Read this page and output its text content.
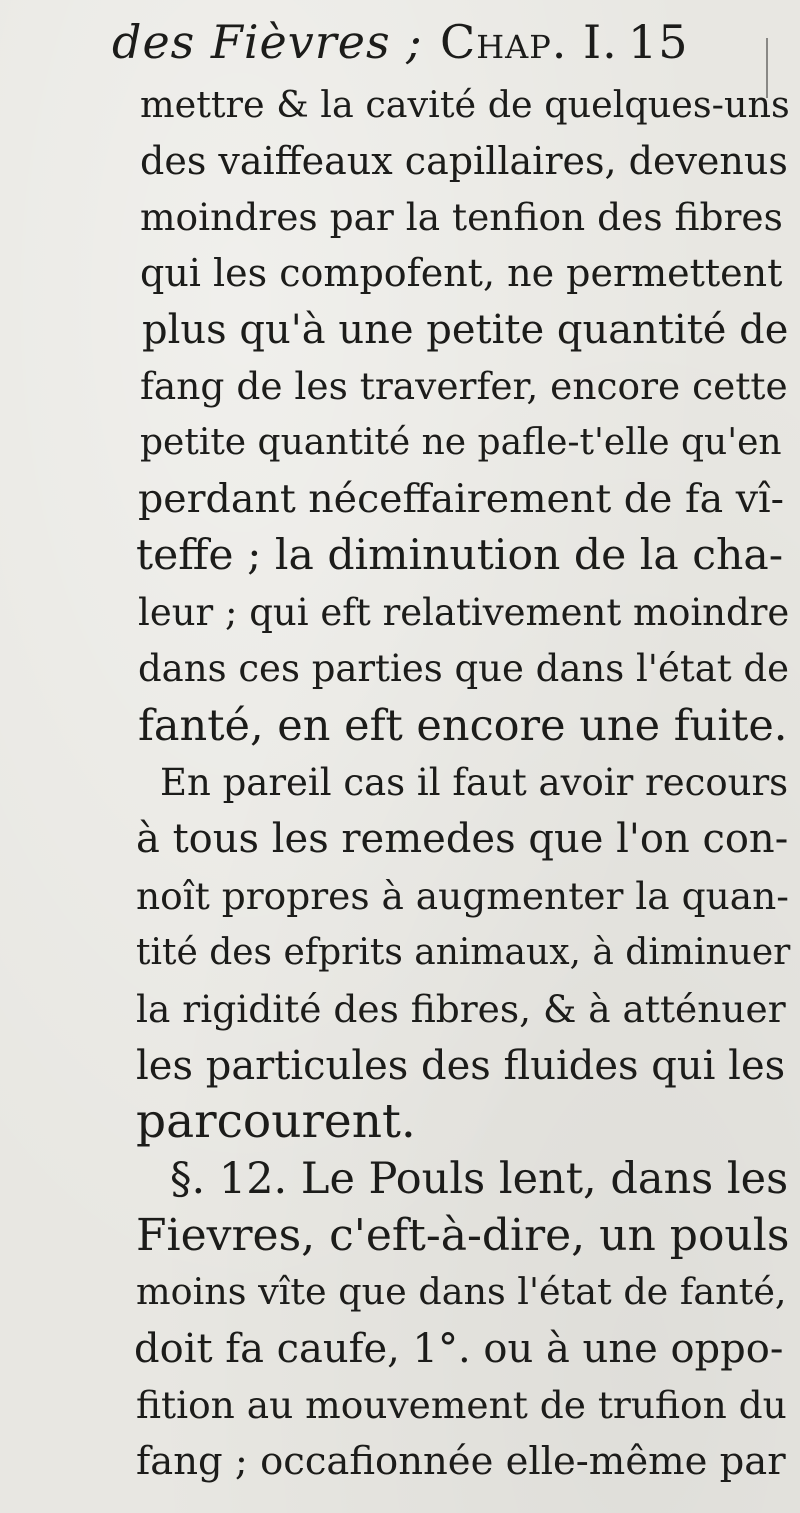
des Fièvres ; Chap. I. 15
mettre & la cavité de quelques-uns
des vaiffeaux capillaires, devenus
moindres par la tenfion des fibres
qui les compofent, ne permettent
plus qu'à une petite quantité de
fang de les traverfer, encore cette
petite quantité ne pafle-t'elle qu'en
perdant néceffairement de fa vî-
teffe ; la diminution de la cha-
leur ; qui eft relativement moindre
dans ces parties que dans l'état de
fanté, en eft encore une fuite.
En pareil cas il faut avoir recours
à tous les remedes que l'on con-
noît propres à augmenter la quan-
tité des efprits animaux, à diminuer
la rigidité des fibres, & à atténuer
les particules des fluides qui les
parcourent.
§. 12. Le Pouls lent, dans les
Fievres, c'eft-à-dire, un pouls
moins vîte que dans l'état de fanté,
doit fa caufe, 1°. ou à une oppo-
fition au mouvement de trufion du
fang ; occafionnée elle-même par
